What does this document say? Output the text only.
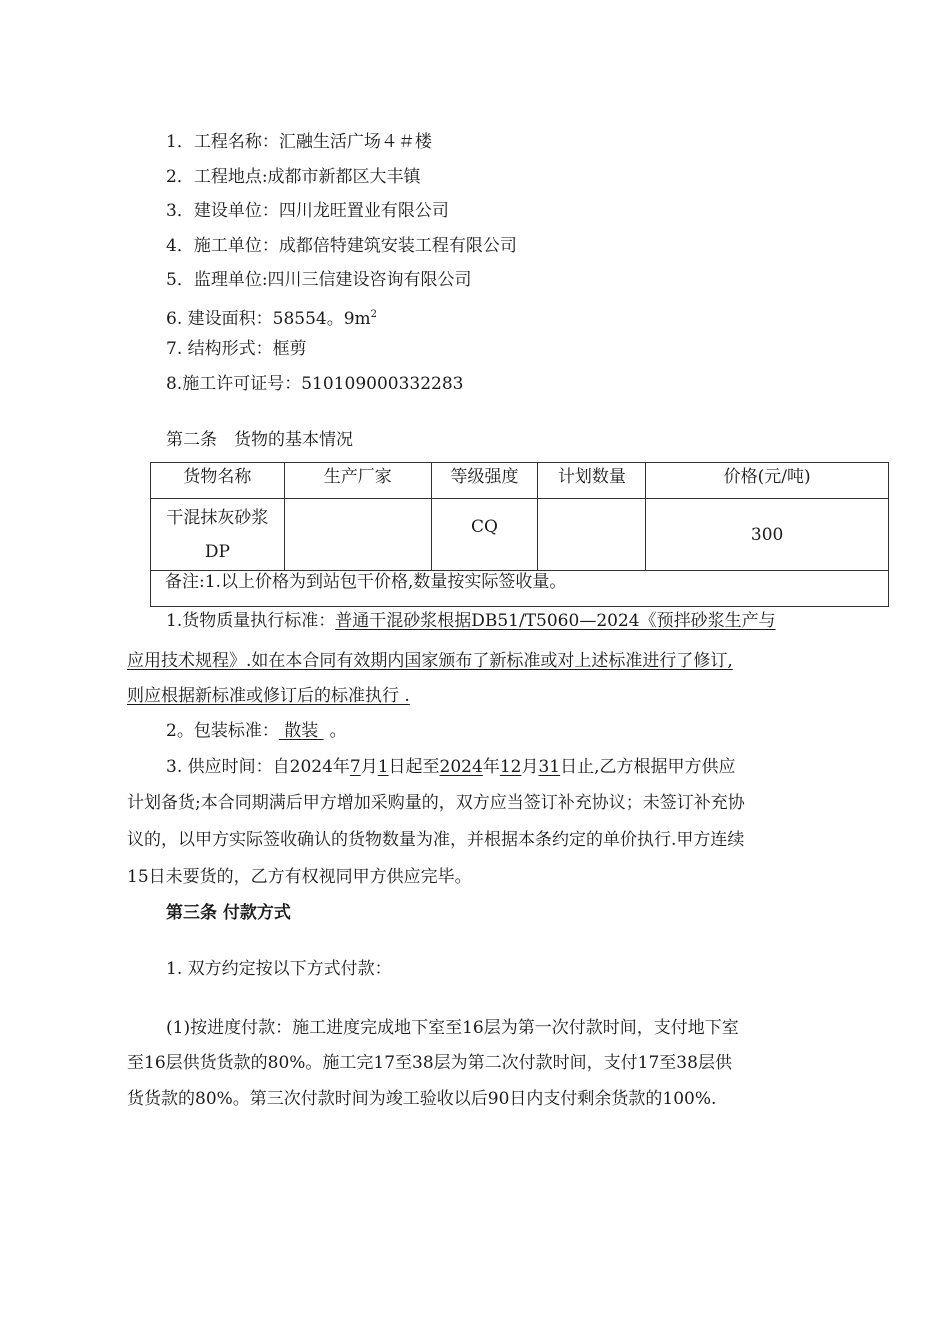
1．工程名称：汇融生活广场４＃楼
2．工程地点:成都市新都区大丰镇
3．建设单位：四川龙旺置业有限公司
4．施工单位：成都倍特建筑安装工程有限公司
5．监理单位:四川三信建设咨询有限公司
6. 建设面积：58554。$9m^2$
7. 结构形式：框剪
8.施工许可证号：510109000332283
第二条　货物的基本情况
货物名称	生产厂家	等级强度	计划数量	价格(元/吨)

干混抹灰砂浆
DP		CQ		300
备注:1.以上价格为到站包干价格,数量按实际签收量。				
1.货物质量执行标准：普通干混砂浆根据DB51/T5060—2024《预拌砂浆生产与
应用技术规程》.如在本合同有效期内国家颁布了新标准或对上述标准进行了修订,
则应根据新标准或修订后的标准执行 .
2。包装标准： 散装 。
3. 供应时间：自2024年7月1日起至2024年12月31日止,乙方根据甲方供应
计划备货;本合同期满后甲方增加采购量的，双方应当签订补充协议；未签订补充协
议的，以甲方实际签收确认的货物数量为准，并根据本条约定的单价执行.甲方连续
15日未要货的，乙方有权视同甲方供应完毕。
第三条 付款方式
1. 双方约定按以下方式付款：
(1)按进度付款：施工进度完成地下室至16层为第一次付款时间，支付地下室
至16层供货货款的80%。施工完17至38层为第二次付款时间，支付17至38层供
货货款的80%。第三次付款时间为竣工验收以后90日内支付剩余货款的100%.
